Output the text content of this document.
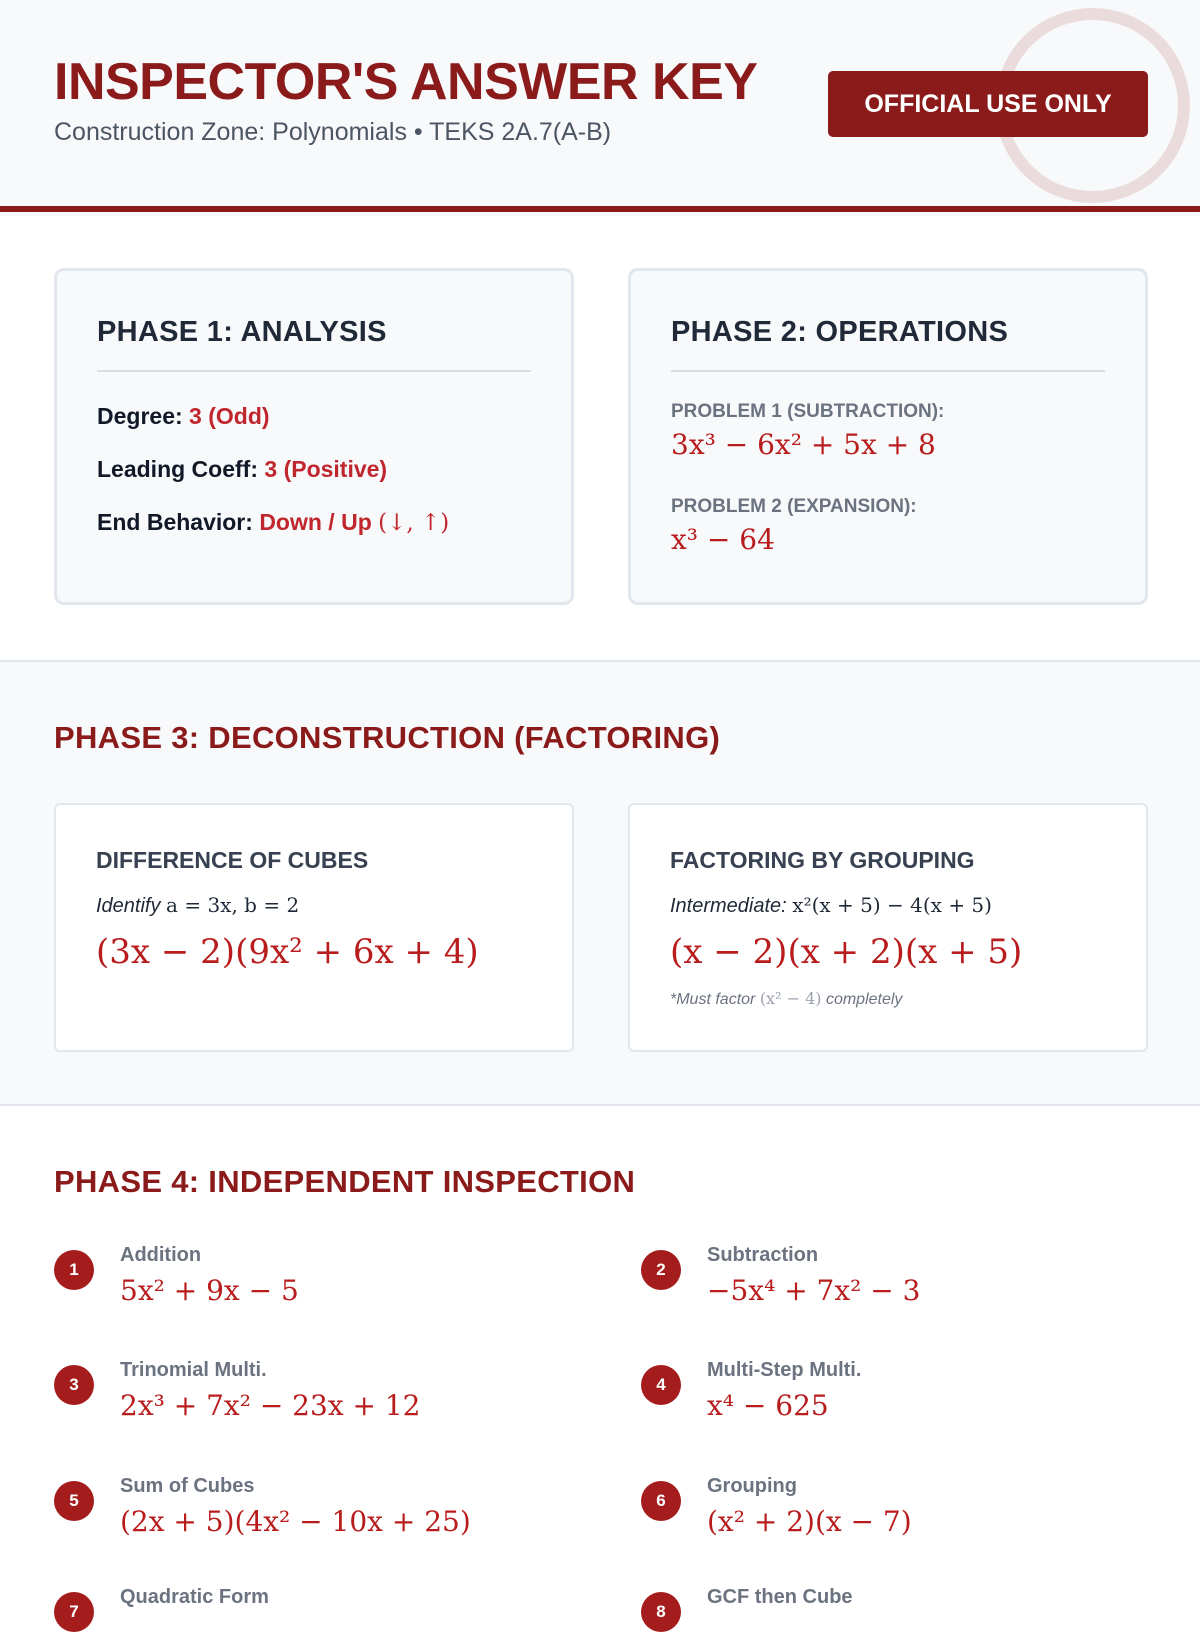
INSPECTOR'S ANSWER KEY
Construction Zone: Polynomials • TEKS 2A.7(A-B)
OFFICIAL USE ONLY
PHASE 1: ANALYSIS
Degree: 3 (Odd)
Leading Coeff: 3 (Positive)
End Behavior: Down / Up (↓, ↑)
PHASE 2: OPERATIONS
PROBLEM 1 (SUBTRACTION):
3x³ − 6x² + 5x + 8
PROBLEM 2 (EXPANSION):
x³ − 64
PHASE 3: DECONSTRUCTION (FACTORING)
DIFFERENCE OF CUBES
Identify a = 3x, b = 2
(3x − 2)(9x² + 6x + 4)
FACTORING BY GROUPING
Intermediate: x²(x + 5) − 4(x + 5)
(x − 2)(x + 2)(x + 5)
*Must factor (x² − 4) completely
PHASE 4: INDEPENDENT INSPECTION
1
Addition
5x² + 9x − 5
2
Subtraction
−5x⁴ + 7x² − 3
3
Trinomial Multi.
2x³ + 7x² − 23x + 12
4
Multi-Step Multi.
x⁴ − 625
5
Sum of Cubes
(2x + 5)(4x² − 10x + 25)
6
Grouping
(x² + 2)(x − 7)
7
Quadratic Form
8
GCF then Cube
